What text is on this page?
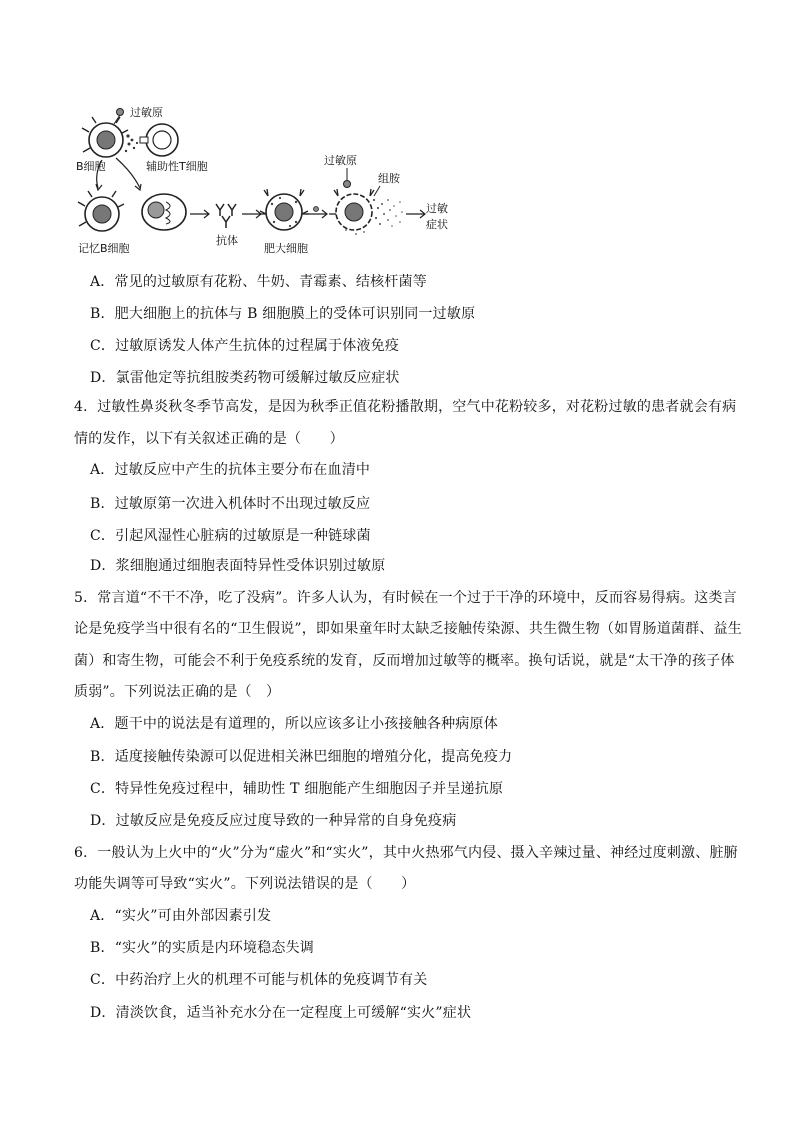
过敏原
B细胞	辅助性T细胞
记忆B细胞
抗体
肥大细胞
过敏原
组胺
过敏
症状
A．常见的过敏原有花粉、牛奶、青霉素、结核杆菌等
B．肥大细胞上的抗体与 B 细胞膜上的受体可识别同一过敏原
C．过敏原诱发人体产生抗体的过程属于体液免疫
D．氯雷他定等抗组胺类药物可缓解过敏反应症状
4．过敏性鼻炎秋冬季节高发，是因为秋季正值花粉播散期，空气中花粉较多，对花粉过敏的患者就会有病
情的发作，以下有关叙述正确的是（　　）
A．过敏反应中产生的抗体主要分布在血清中
B．过敏原第一次进入机体时不出现过敏反应
C．引起风湿性心脏病的过敏原是一种链球菌
D．浆细胞通过细胞表面特异性受体识别过敏原
5．常言道“不干不净，吃了没病”。许多人认为，有时候在一个过于干净的环境中，反而容易得病。这类言
论是免疫学当中很有名的“卫生假说”，即如果童年时太缺乏接触传染源、共生微生物（如胃肠道菌群、益生
菌）和寄生物，可能会不利于免疫系统的发育，反而增加过敏等的概率。换句话说，就是“太干净的孩子体
质弱”。下列说法正确的是（　）
A．题干中的说法是有道理的，所以应该多让小孩接触各种病原体
B．适度接触传染源可以促进相关淋巴细胞的增殖分化，提高免疫力
C．特异性免疫过程中，辅助性 T 细胞能产生细胞因子并呈递抗原
D．过敏反应是免疫反应过度导致的一种异常的自身免疫病
6．一般认为上火中的“火”分为“虚火”和“实火”，其中火热邪气内侵、摄入辛辣过量、神经过度刺激、脏腑
功能失调等可导致“实火”。下列说法错误的是（　　）
A．“实火”可由外部因素引发
B．“实火”的实质是内环境稳态失调
C．中药治疗上火的机理不可能与机体的免疫调节有关
D．清淡饮食，适当补充水分在一定程度上可缓解“实火”症状
